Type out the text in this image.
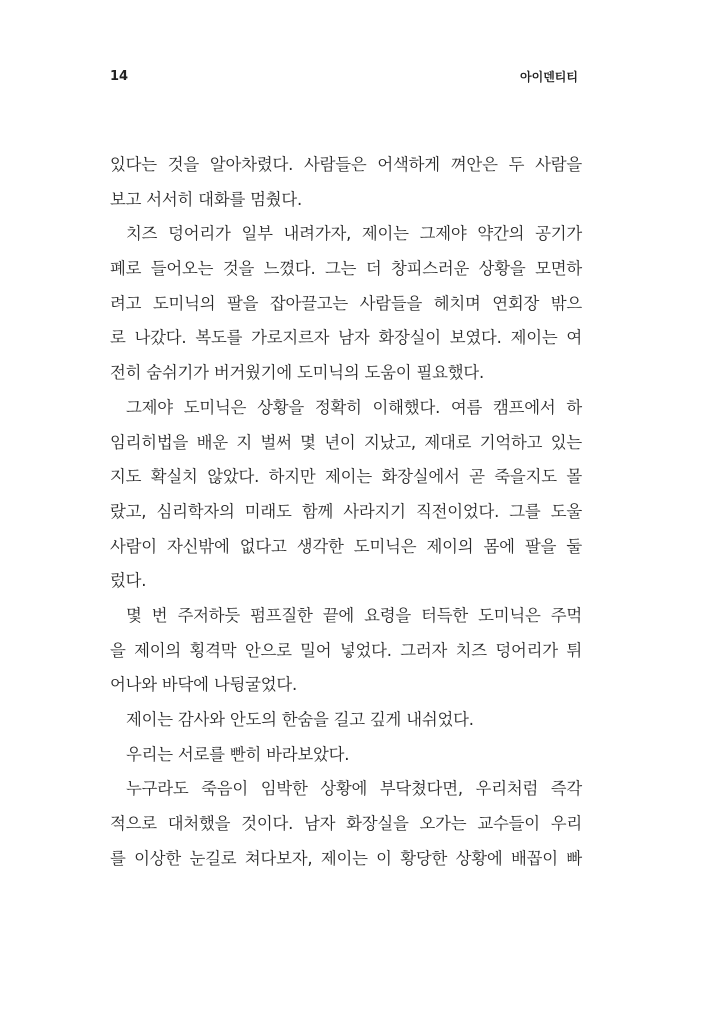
14	아이덴티티
있다는 것을 알아차렸다. 사람들은 어색하게 껴안은 두 사람을
보고 서서히 대화를 멈췄다.
치즈 덩어리가 일부 내려가자, 제이는 그제야 약간의 공기가
폐로 들어오는 것을 느꼈다. 그는 더 창피스러운 상황을 모면하
려고 도미닉의 팔을 잡아끌고는 사람들을 헤치며 연회장 밖으
로 나갔다. 복도를 가로지르자 남자 화장실이 보였다. 제이는 여
전히 숨쉬기가 버거웠기에 도미닉의 도움이 필요했다.
그제야 도미닉은 상황을 정확히 이해했다. 여름 캠프에서 하
임리히법을 배운 지 벌써 몇 년이 지났고, 제대로 기억하고 있는
지도 확실치 않았다. 하지만 제이는 화장실에서 곧 죽을지도 몰
랐고, 심리학자의 미래도 함께 사라지기 직전이었다. 그를 도울
사람이 자신밖에 없다고 생각한 도미닉은 제이의 몸에 팔을 둘
렀다.
몇 번 주저하듯 펌프질한 끝에 요령을 터득한 도미닉은 주먹
을 제이의 횡격막 안으로 밀어 넣었다. 그러자 치즈 덩어리가 튀
어나와 바닥에 나뒹굴었다.
제이는 감사와 안도의 한숨을 길고 깊게 내쉬었다.
우리는 서로를 빤히 바라보았다.
누구라도 죽음이 임박한 상황에 부닥쳤다면, 우리처럼 즉각
적으로 대처했을 것이다. 남자 화장실을 오가는 교수들이 우리
를 이상한 눈길로 쳐다보자, 제이는 이 황당한 상황에 배꼽이 빠
